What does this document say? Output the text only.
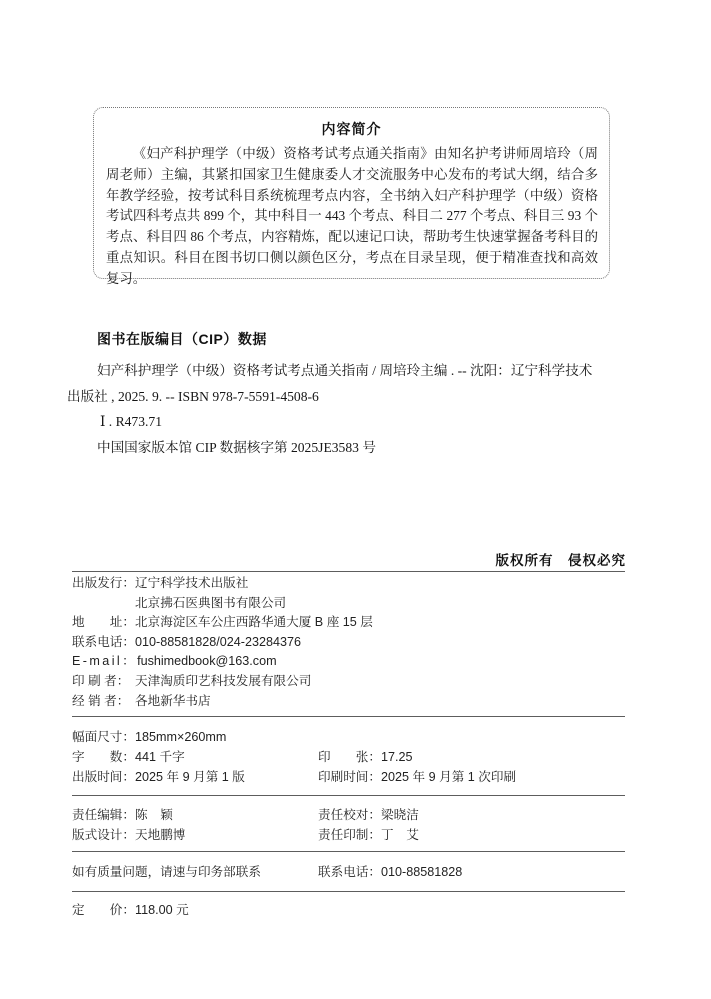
内容简介

《妇产科护理学（中级）资格考试考点通关指南》由知名护考讲师周培玲（周周老师）主编，其紧扣国家卫生健康委人才交流服务中心发布的考试大纲，结合多年教学经验，按考试科目系统梳理考点内容，全书纳入妇产科护理学（中级）资格考试四科考点共 899 个，其中科目一 443 个考点、科目二 277 个考点、科目三 93 个考点、科目四 86 个考点，内容精炼，配以速记口诀，帮助考生快速掌握备考科目的重点知识。科目在图书切口侧以颜色区分，考点在目录呈现，便于精准查找和高效复习。

图书在版编目（CIP）数据
妇产科护理学（中级）资格考试考点通关指南 / 周培玲主编 . -- 沈阳：辽宁科学技术
出版社 , 2025. 9. -- ISBN 978-7-5591-4508-6
Ⅰ . R473.71
中国国家版本馆 CIP 数据核字第 2025JE3583 号
版权所有　侵权必究
出版发行：辽宁科学技术出版社
北京拂石医典图书有限公司
地　　址：北京海淀区车公庄西路华通大厦 B 座 15 层
联系电话：010-88581828/024-23284376
E-mail：fushimedbook@163.com
印 刷 者： 天津淘质印艺科技发展有限公司
经 销 者： 各地新华书店
幅面尺寸：185mm×260mm
字　　数：441 千字	印　　张：17.25
出版时间：2025 年 9 月第 1 版	印刷时间：2025 年 9 月第 1 次印刷
责任编辑：陈　颖	责任校对：梁晓洁
版式设计：天地鹏博	责任印制：丁　艾
如有质量问题，请速与印务部联系	联系电话：010-88581828
定　　价：118.00 元
